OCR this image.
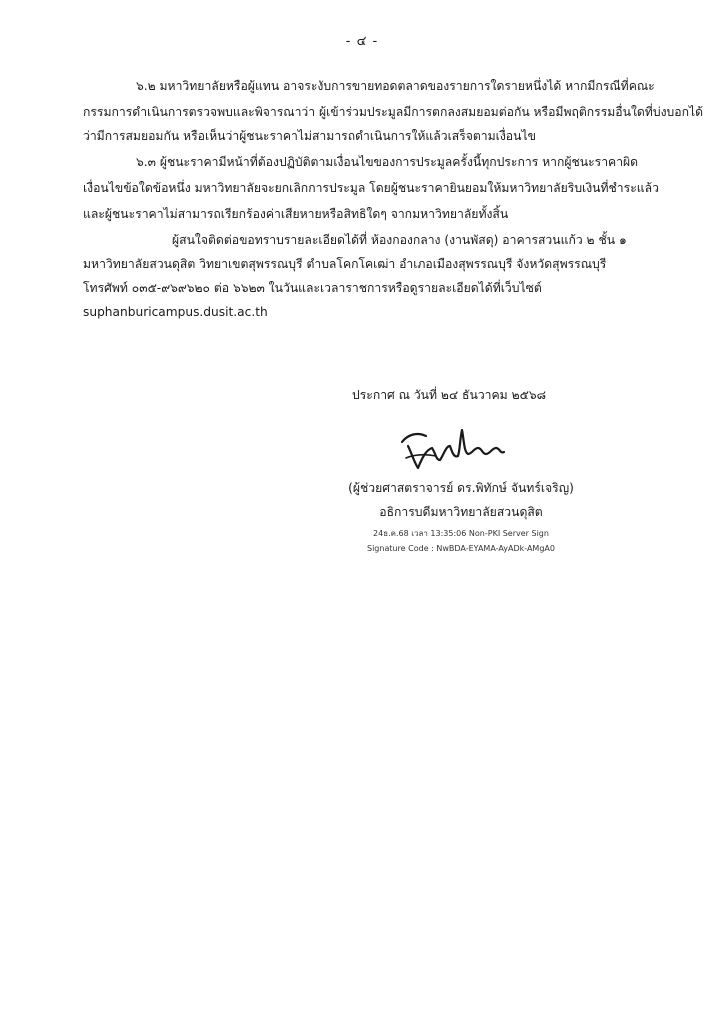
- ๔ -
๖.๒ มหาวิทยาลัยหรือผู้แทน อาจระงับการขายทอดตลาดของรายการใดรายหนึ่งได้ หากมีกรณีที่คณะ
กรรมการดำเนินการตรวจพบและพิจารณาว่า ผู้เข้าร่วมประมูลมีการตกลงสมยอมต่อกัน หรือมีพฤติกรรมอื่นใดที่บ่งบอกได้
ว่ามีการสมยอมกัน หรือเห็นว่าผู้ชนะราคาไม่สามารถดำเนินการให้แล้วเสร็จตามเงื่อนไข
๖.๓ ผู้ชนะราคามีหน้าที่ต้องปฏิบัติตามเงื่อนไขของการประมูลครั้งนี้ทุกประการ หากผู้ชนะราคาผิด
เงื่อนไขข้อใดข้อหนึ่ง มหาวิทยาลัยจะยกเลิกการประมูล โดยผู้ชนะราคายินยอมให้มหาวิทยาลัยริบเงินที่ชำระแล้ว
และผู้ชนะราคาไม่สามารถเรียกร้องค่าเสียหายหรือสิทธิใดๆ จากมหาวิทยาลัยทั้งสิ้น
ผู้สนใจติดต่อขอทราบรายละเอียดได้ที่ ห้องกองกลาง (งานพัสดุ) อาคารสวนแก้ว ๒ ชั้น ๑
มหาวิทยาลัยสวนดุสิต วิทยาเขตสุพรรณบุรี ตำบลโคกโคเฒ่า อำเภอเมืองสุพรรณบุรี จังหวัดสุพรรณบุรี
โทรศัพท์ ๐๓๕-๙๖๙๖๒๐ ต่อ ๖๖๒๓ ในวันและเวลาราชการหรือดูรายละเอียดได้ที่เว็บไซต์
suphanburicampus.dusit.ac.th
ประกาศ ณ วันที่ ๒๔ ธันวาคม ๒๕๖๘
(ผู้ช่วยศาสตราจารย์ ดร.พิทักษ์ จันทร์เจริญ)
อธิการบดีมหาวิทยาลัยสวนดุสิต
24ธ.ค.68 เวลา 13:35:06 Non-PKI Server Sign
Signature Code : NwBDA-EYAMA-AyADk-AMgA0
